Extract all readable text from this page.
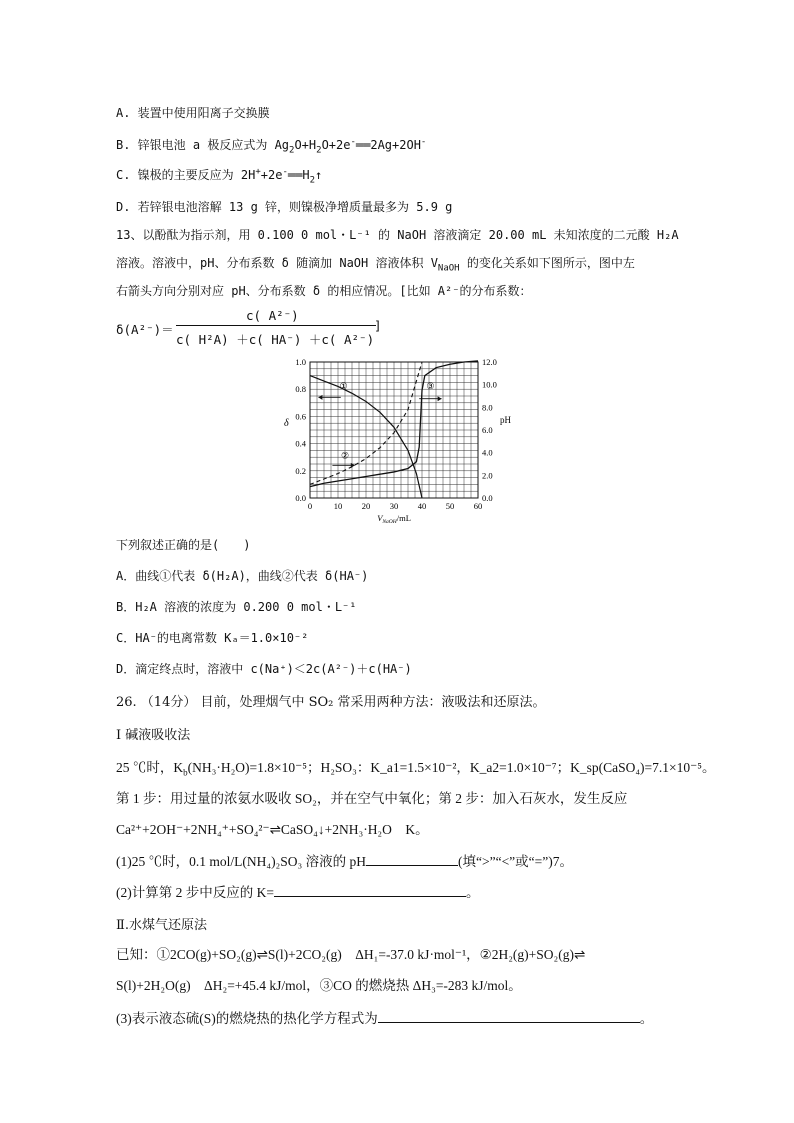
A. 装置中使用阳离子交换膜
B. 锌银电池 a 极反应式为 $Ag_2O+H_2O+2e^-══2Ag+2OH^-$
C. 镍极的主要反应为 $2H^++2e^-══H_2↑$
D. 若锌银电池溶解 13 g 锌，则镍极净增质量最多为 5.9 g
13、以酚酞为指示剂，用 0.100 0 mol・L⁻¹ 的 NaOH 溶液滴定 20.00 mL 未知浓度的二元酸 H₂A
溶液。溶液中，pH、分布系数 δ 随滴加 NaOH 溶液体积 $V_{NaOH}$ 的变化关系如下图所示，图中左
右箭头方向分别对应 pH、分布系数 δ 的相应情况。[比如 A²⁻的分布系数：
δ(A²⁻)＝
c( A²⁻)
c( H²A) ＋c( HA⁻) ＋c( A²⁻)
]
0	10 20 30 40 50 60
0.0
0.2
0.4
0.6
0.8
1.0
0.0
2.0
4.0
6.0
8.0
10.0
12.0
δ	pH
$V_{NaOH}/mL$
①
②
③
下列叙述正确的是(　　)
A．曲线①代表 δ(H₂A)，曲线②代表 δ(HA⁻)
B．H₂A 溶液的浓度为 0.200 0 mol・L⁻¹
C．HA⁻的电离常数 Kₐ＝1.0×10⁻²
D．滴定终点时，溶液中 c(Na⁺)＜2c(A²⁻)＋c(HA⁻)
26. （14分） 目前，处理烟气中 SO₂ 常采用两种方法：液吸法和还原法。
Ⅰ 碱液吸收法
25 ℃时，$K_b(NH_3\cdot H_2O)=1.8\times 10^{-5}$；H₂SO₃：K_a1=1.5×10⁻²，K_a2=1.0×10⁻⁷；K_sp(CaSO₄)=7.1×10⁻⁵。
第 1 步：用过量的浓氨水吸收 SO₂，并在空气中氧化；第 2 步：加入石灰水，发生反应
Ca²⁺+2OH⁻+2NH₄⁺+SO₄²⁻⇌CaSO₄↓+2NH₃·H₂O　K。
(1)25 ℃时，0.1 mol/L(NH₄)₂SO₃ 溶液的 pH	(填“>”“<”或“=”)7。
(2)计算第 2 步中反应的 K=	。
Ⅱ.水煤气还原法
已知：①2CO(g)+SO₂(g)⇌S(l)+2CO₂(g)　ΔH₁=-37.0 kJ·mol⁻¹，②2H₂(g)+SO₂(g)⇌
S(l)+2H₂O(g)　ΔH₂=+45.4 kJ/mol，③CO 的燃烧热 ΔH₃=-283 kJ/mol。
(3)表示液态硫(S)的燃烧热的热化学方程式为	。
